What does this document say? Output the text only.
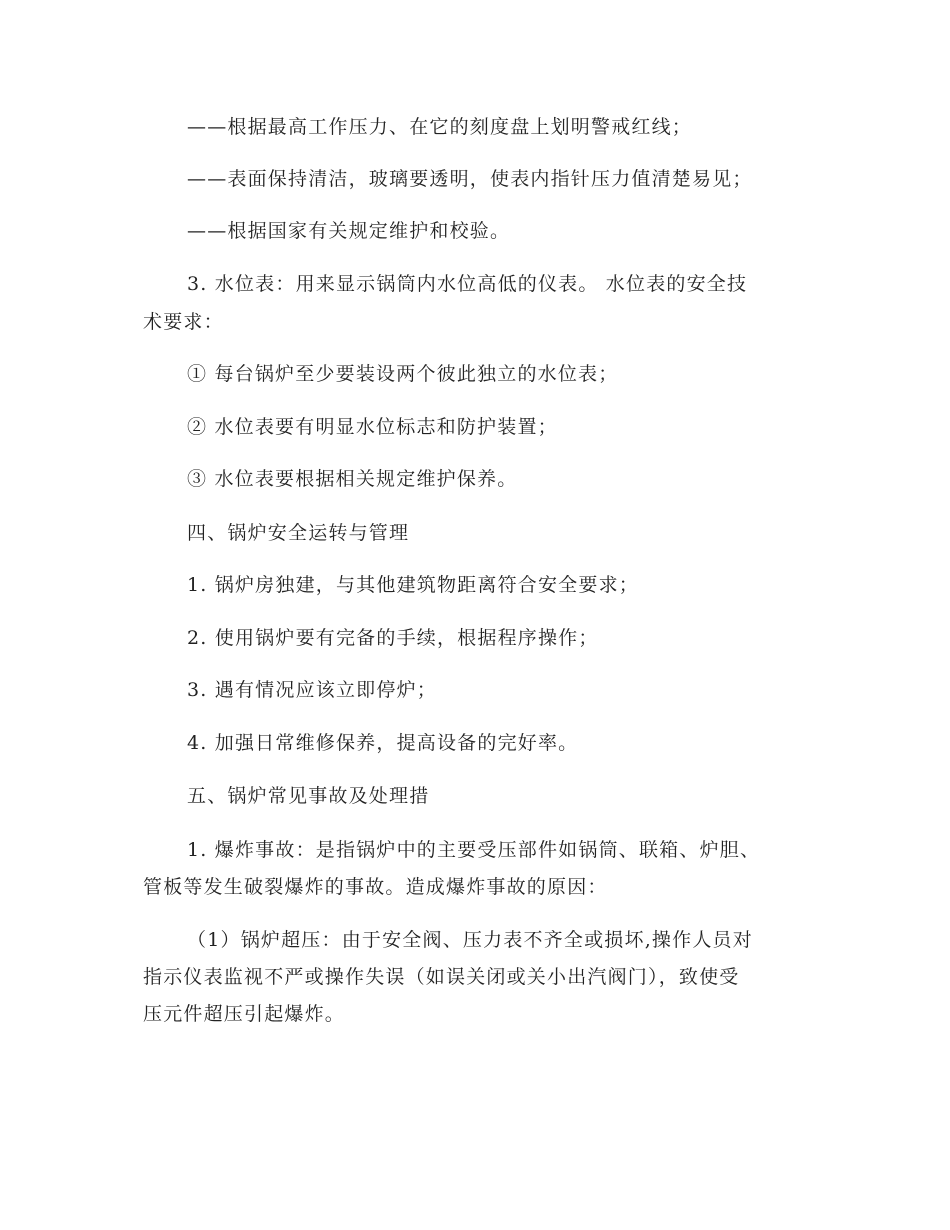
——根据最高工作压力、在它的刻度盘上划明警戒红线；
——表面保持清洁，玻璃要透明，使表内指针压力值清楚易见；
——根据国家有关规定维护和校验。
3. 水位表：用来显示锅筒内水位高低的仪表。 水位表的安全技
术要求：
① 每台锅炉至少要装设两个彼此独立的水位表；
② 水位表要有明显水位标志和防护装置；
③ 水位表要根据相关规定维护保养。
四、锅炉安全运转与管理
1. 锅炉房独建，与其他建筑物距离符合安全要求；
2. 使用锅炉要有完备的手续，根据程序操作；
3. 遇有情况应该立即停炉；
4. 加强日常维修保养，提高设备的完好率。
五、锅炉常见事故及处理措
1. 爆炸事故：是指锅炉中的主要受压部件如锅筒、联箱、炉胆、
管板等发生破裂爆炸的事故。造成爆炸事故的原因：
（1）锅炉超压：由于安全阀、压力表不齐全或损坏,操作人员对
指示仪表监视不严或操作失误（如误关闭或关小出汽阀门），致使受
压元件超压引起爆炸。
